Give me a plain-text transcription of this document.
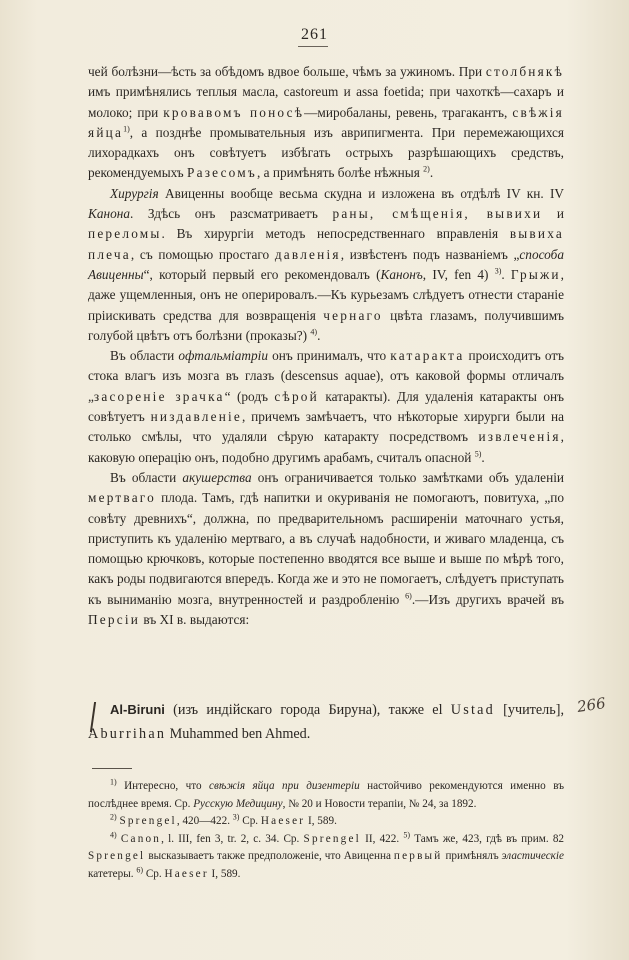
261

чей болѣзни—ѣсть за обѣдомъ вдвое больше, чѣмъ за ужиномъ. При столбнякѣ имъ примѣнялись теплыя масла, castoreum и assa foetida; при чахоткѣ—сахаръ и молоко; при кровавомъ поносѣ—миробаланы, ревень, трагакантъ, свѣжія яйца$^{1)}$, а позднѣе промывательныя изъ аврипигмента. При перемежающихся лихорадкахъ онъ совѣтуетъ избѣгать острыхъ разрѣшающихъ средствъ, рекомендуемыхъ Разесомъ, а примѣнять болѣе нѣжныя $^{2)}$.

Хирургія Авиценны вообще весьма скудна и изложена въ отдѣлѣ IV кн. IV Канона. Здѣсь онъ разсматриваетъ раны, смѣщенія, вывихи и переломы. Въ хирургіи методъ непосредственнаго вправленія вывиха плеча, съ помощью простаго давленія, извѣстенъ подъ названіемъ „способа Авиценны“, который первый его рекомендовалъ (Канонъ, IV, fen 4) $^{3)}$. Грыжи, даже ущемленныя, онъ не оперировалъ.—Къ курьезамъ слѣдуетъ отнести стараніе пріискивать средства для возвращенія чернаго цвѣта глазамъ, получившимъ голубой цвѣтъ отъ болѣзни (проказы?) $^{4)}$.

Въ области офтальміатріи онъ принималъ, что катаракта происходитъ отъ стока влагъ изъ мозга въ глазъ (descensus aquae), отъ каковой формы отличалъ „засореніе зрачка“ (родъ сѣрой катаракты). Для удаленія катаракты онъ совѣтуетъ низдавленіе, причемъ замѣчаетъ, что нѣкоторые хирурги были на столько смѣлы, что удаляли сѣрую катаракту посредствомъ извлеченія, каковую операцію онъ, подобно другимъ арабамъ, считалъ опасной $^{5)}$.

Въ области акушерства онъ ограничивается только замѣтками объ удаленіи мертваго плода. Тамъ, гдѣ напитки и окуриванія не помогаютъ, повитуха, „по совѣту древнихъ“, должна, по предварительномъ расширеніи маточнаго устья, приступить къ удаленію мертваго, а въ случаѣ надобности, и живаго младенца, съ помощью крючковъ, которые постепенно вводятся все выше и выше по мѣрѣ того, какъ роды подвигаются впередъ. Когда же и это не помогаетъ, слѣдуетъ приступать къ выниманію мозга, внутренностей и раздробленію $^{6)}$.—Изъ другихъ врачей въ Персіи въ XI в. выдаются:

Al-Biruni (изъ индійскаго города Бируна), также el Ustad [учитель], Aburrihan Muhammed ben Ahmed.

266

$^{1)}$ Интересно, что свѣжія яйца при дизентеріи настойчиво рекомендуются именно въ послѣднее время. Ср. Русскую Медицину, № 20 и Новости терапіи, № 24, за 1892.

$^{2)}$ Sprengel, 420—422. $^{3)}$ Ср. Haeser I, 589.

$^{4)}$ Canon, l. III, fen 3, tr. 2, c. 34. Ср. Sprengel II, 422. $^{5)}$ Тамъ же, 423, гдѣ въ прим. 82 Sprengel высказываетъ также предположеніе, что Авиценна первый примѣнялъ эластическіе катетеры. $^{6)}$ Ср. Haeser I, 589.
